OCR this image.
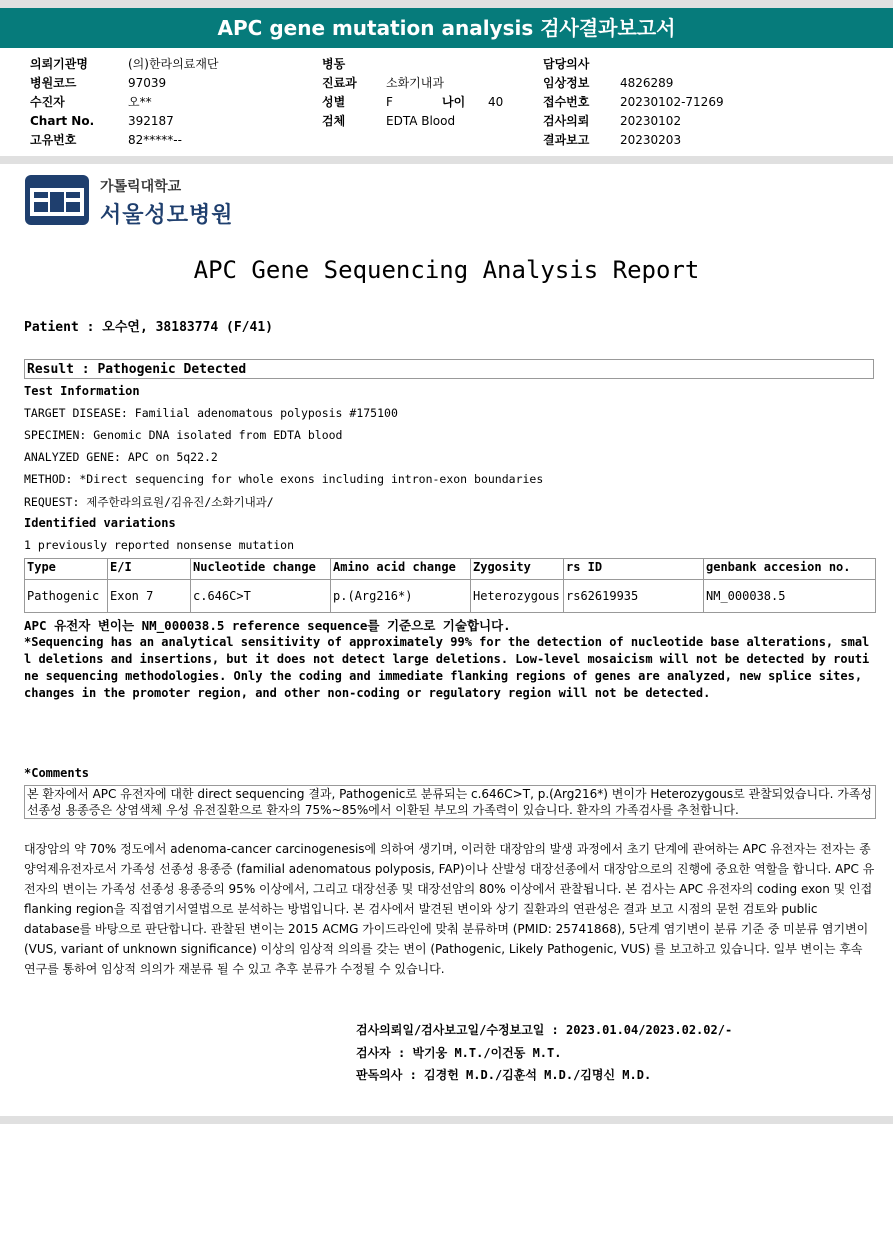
APC gene mutation analysis 검사결과보고서
의뢰기관명	(의)한라의료재단
병원코드	97039
수진자	오**
Chart No.	392187
고유번호	82*****--
병동
진료과 소화기내과
성별	F	나이 40
검체	EDTA Blood
담당의사
임상정보	4826289
접수번호	20230102-71269
검사의뢰	20230102
결과보고	20230203
가톨릭대학교
서울성모병원
APC Gene Sequencing Analysis Report
Patient : 오수연, 38183774 (F/41)
Result : Pathogenic Detected
Test Information
TARGET DISEASE: Familial adenomatous polyposis #175100
SPECIMEN: Genomic DNA isolated from EDTA blood
ANALYZED GENE: APC on 5q22.2
METHOD: *Direct sequencing for whole exons including intron-exon boundaries
REQUEST: 제주한라의료원/김유진/소화기내과/
Identified variations
1 previously reported nonsense mutation
Type	E/I	Nucleotide change	Amino acid change	Zygosity	rs ID	genbank accesion no.
Pathogenic	Exon 7	c.646C>T	p.(Arg216*)	Heterozygous	rs62619935	NM_000038.5
APC 유전자 변이는 NM_000038.5 reference sequence를 기준으로 기술합니다.
*Sequencing has an analytical sensitivity of approximately 99% for the detection of nucleotide base alterations, small deletions and insertions, but it does not detect large deletions. Low-level mosaicism will not be detected by routine sequencing methodologies. Only the coding and immediate flanking regions of genes are analyzed, new splice sites, changes in the promoter region, and other non-coding or regulatory region will not be detected.
*Comments
본 환자에서 APC 유전자에 대한 direct sequencing 결과, Pathogenic로 분류되는 c.646C>T, p.(Arg216*) 변이가 Heterozygous로 관찰되었습니다. 가족성 선종성 용종증은 상염색체 우성 유전질환으로 환자의 75%~85%에서 이환된 부모의 가족력이 있습니다. 환자의 가족검사를 추천합니다.
대장암의 약 70% 정도에서 adenoma-cancer carcinogenesis에 의하여 생기며, 이러한 대장암의 발생 과정에서 초기 단계에 관여하는 APC 유전자는 전자는 종양억제유전자로서 가족성 선종성 용종증 (familial adenomatous polyposis, FAP)이나 산발성 대장선종에서 대장암으로의 진행에 중요한 역할을 합니다. APC 유전자의 변이는 가족성 선종성 용종증의 95% 이상에서, 그리고 대장선종 및 대장선암의 80% 이상에서 관찰됩니다. 본 검사는 APC 유전자의 coding exon 및 인접 flanking region을 직접염기서열법으로 분석하는 방법입니다. 본 검사에서 발견된 변이와 상기 질환과의 연관성은 결과 보고 시점의 문헌 검토와 public database를 바탕으로 판단합니다. 관찰된 변이는 2015 ACMG 가이드라인에 맞춰 분류하며 (PMID: 25741868), 5단계 염기변이 분류 기준 중 미분류 염기변이 (VUS, variant of unknown significance) 이상의 임상적 의의를 갖는 변이 (Pathogenic, Likely Pathogenic, VUS) 를 보고하고 있습니다. 일부 변이는 후속 연구를 통하여 임상적 의의가 재분류 될 수 있고 추후 분류가 수정될 수 있습니다.
검사의뢰일/검사보고일/수정보고일 : 2023.01.04/2023.02.02/-
검사자 : 박기웅 M.T./이건동 M.T.
판독의사 : 김경헌 M.D./김훈석 M.D./김명신 M.D.
